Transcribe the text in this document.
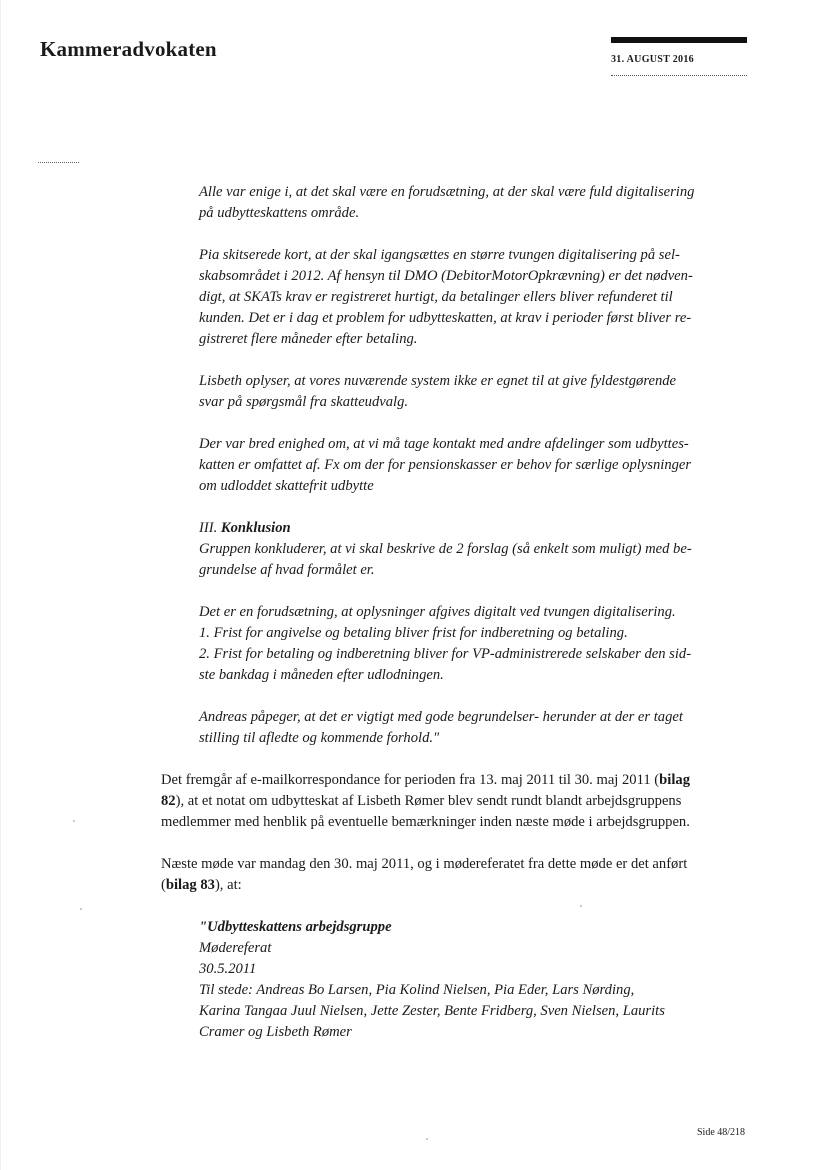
Kammeradvokaten	31. AUGUST 2016
Alle var enige i, at det skal være en forudsætning, at der skal være fuld digitalisering
på udbytteskattens område.
Pia skitserede kort, at der skal igangsættes en større tvungen digitalisering på sel-
skabsområdet i 2012. Af hensyn til DMO (DebitorMotorOpkrævning) er det nødven-
digt, at SKATs krav er registreret hurtigt, da betalinger ellers bliver refunderet til
kunden. Det er i dag et problem for udbytteskatten, at krav i perioder først bliver re-
gistreret flere måneder efter betaling.
Lisbeth oplyser, at vores nuværende system ikke er egnet til at give fyldestgørende
svar på spørgsmål fra skatteudvalg.
Der var bred enighed om, at vi må tage kontakt med andre afdelinger som udbyttes-
katten er omfattet af. Fx om der for pensionskasser er behov for særlige oplysninger
om udloddet skattefrit udbytte
III. Konklusion
Gruppen konkluderer, at vi skal beskrive de 2 forslag (så enkelt som muligt) med be-
grundelse af hvad formålet er.
Det er en forudsætning, at oplysninger afgives digitalt ved tvungen digitalisering.
1. Frist for angivelse og betaling bliver frist for indberetning og betaling.
2. Frist for betaling og indberetning bliver for VP-administrerede selskaber den sid-
ste bankdag i måneden efter udlodningen.
Andreas påpeger, at det er vigtigt med gode begrundelser- herunder at der er taget
stilling til afledte og kommende forhold."
Det fremgår af e-mailkorrespondance for perioden fra 13. maj 2011 til 30. maj 2011 (bilag
82), at et notat om udbytteskat af Lisbeth Rømer blev sendt rundt blandt arbejdsgruppens
medlemmer med henblik på eventuelle bemærkninger inden næste møde i arbejdsgruppen.
Næste møde var mandag den 30. maj 2011, og i mødereferatet fra dette møde er det anført
(bilag 83), at:
"Udbytteskattens arbejdsgruppe
Mødereferat
30.5.2011
Til stede: Andreas Bo Larsen, Pia Kolind Nielsen, Pia Eder, Lars Nørding,
Karina Tangaa Juul Nielsen, Jette Zester, Bente Fridberg, Sven Nielsen, Laurits
Cramer og Lisbeth Rømer
Side 48/218
